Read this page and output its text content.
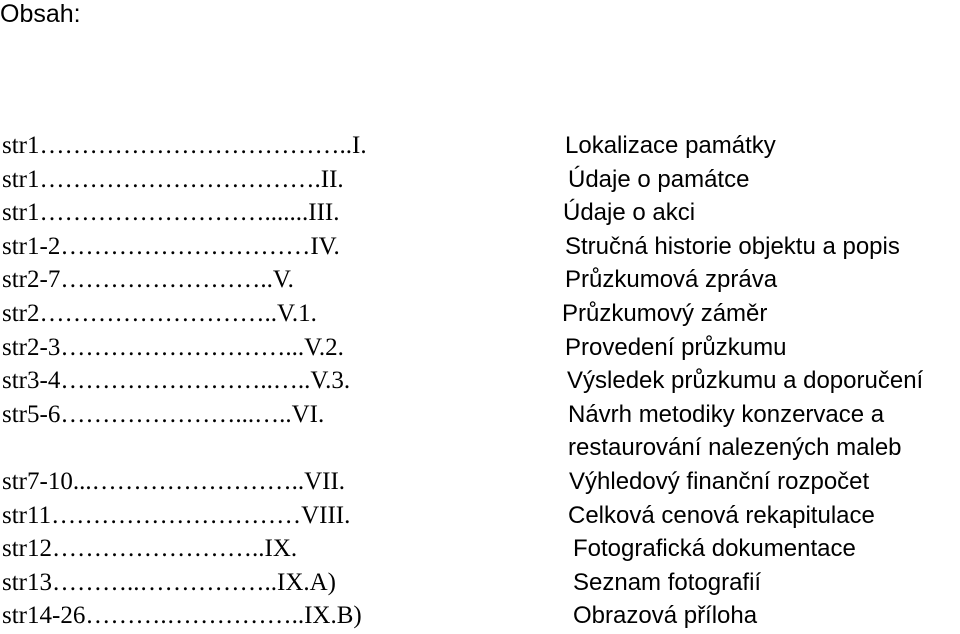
Obsah:
str1………………………………..I.	Lokalizace památky
str1…………………………….II.	Údaje o památce
str1……………………….......III.	Údaje o akci
str1-2…………………………IV.	Stručná historie objektu a popis
str2-7……………………..V.	Průzkumová zpráva
str2………………………..V.1.	Průzkumový záměr
str2-3………………………...V.2.	Provedení průzkumu
str3-4……………………..…..V.3.	Výsledek průzkumu a doporučení
str5-6…………………...…..VI.	Návrh metodiky konzervace a
restaurování nalezených maleb
str7-10...……………………..VII.	Výhledový finanční rozpočet
str11…………………………VIII.	Celková cenová rekapitulace
str12……………………..IX.	Fotografická dokumentace
str13………..……………..IX.A)	Seznam fotografií
str14-26……….……………..IX.B)	Obrazová příloha
